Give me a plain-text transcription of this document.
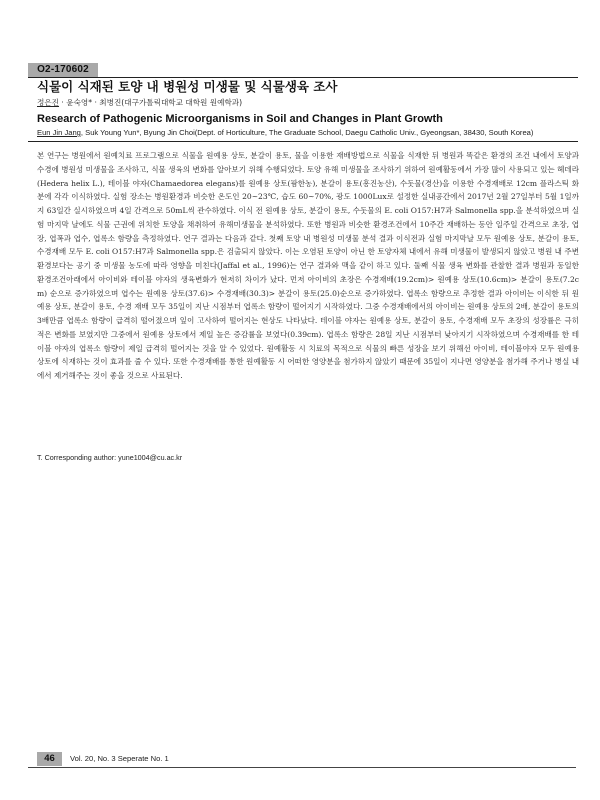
O2-170602
식물이 식재된 토양 내 병원성 미생물 및 식물생육 조사
정은진 · 윤숙영* · 최병진(대구가톨릭대학교 대학원 원예학과)
Research of Pathogenic Microorganisms in Soil and Changes in Plant Growth
Eun Jin Jang, Suk Young Yun*, Byung Jin Choi(Dept. of Horticulture, The Graduate School, Daegu Catholic Univ., Gyeongsan, 38430, South Korea)
본 연구는 병원에서 원예치료 프로그램으로 식물을 원예용 상토, 분갈이 용토, 물을 이용한 재배방법으로 식물을 식재한 뒤 병원과 똑같은 환경의 조건 내에서 토양과 수경에 병원성 미생물을 조사하고, 식물 생육의 변화를 알아보기 위해 수행되었다. 토양 유해 미생물을 조사하기 위하여 원예활동에서 가장 많이 사용되고 있는 헤데라(Hedera helix L.), 테이블 야자(Chamaedorea elegans)를 원예용 상토(팜한농), 분갈이 용토(흥진농산), 수돗물(경산)을 이용한 수경재배로 12cm 플라스틱 화분에 각각 이식하였다. 실험 장소는 병원환경과 비슷한 온도인 20~23℃, 습도 60~70%, 광도 1000Lux로 설정한 실내공간에서 2017년 2월 27일부터 5월 1일까지 63일간 실시하였으며 4일 간격으로 50mL씩 관수하였다. 이식 전 원예용 상토, 분갈이 용토, 수돗물의 E. coli O157:H7과 Salmonella spp.을 분석하였으며 실험 마지막 날에도 식물 근권에 위치한 토양을 채취하여 유해미생물을 분석하였다. 또한 병원과 비슷한 환경조건에서 10주간 재배하는 동안 일주일 간격으로 초장, 엽장, 엽폭과 엽수, 엽록소 함량을 측정하였다. 연구 결과는 다음과 같다. 첫째 토양 내 병원성 미생물 분석 결과 이식전과 실험 마지막날 모두 원예용 상토, 분갈이 용토, 수경재배 모두 E. coli O157:H7과 Salmonella spp.은 검출되지 않았다. 이는 오염된 토양이 아닌 한 토양자체 내에서 유해 미생물이 발생되지 않았고 병원 내 주변 환경보다는 공기 중 미생물 농도에 따라 영향을 미친다(Jaffal et al., 1996)는 연구 결과와 맥을 같이 하고 있다. 둘째 식물 생육 변화를 관찰한 결과 병원과 동일한 환경조건아래에서 아이비와 테이블 야자의 생육변화가 현저히 차이가 났다. 먼저 아이비의 초장은 수경재배(19.2cm)> 원예용 상토(10.6cm)> 분갈이 용토(7.2cm) 순으로 증가하였으며 엽수는 원예용 상토(37.6)> 수경재배(30.3)> 분갈이 용토(25.0)순으로 증가하였다. 엽록소 함량으로 추정한 결과 아이비는 이식한 뒤 원예용 상토, 분갈이 용토, 수경 재배 모두 35일이 지난 시점부터 엽록소 함량이 떨어지기 시작하였다. 그중 수경재배에서의 아이비는 원예용 상토의 2배, 분갈이 용토의 3배만큼 엽록소 함량이 급격히 떨어졌으며 잎이 고사하여 떨어지는 현상도 나타났다. 테이블 야자는 원예용 상토, 분갈이 용토, 수경재배 모두 초장의 성장률은 극히 적은 변화를 보였지만 그중에서 원예용 상토에서 제일 높은 증감률을 보였다(0.39cm). 엽록소 함량은 28일 지난 시점부터 낮아지기 시작하였으며 수경재배를 한 테이블 야자의 엽록소 함량이 제일 급격히 떨어지는 것을 알 수 있었다. 원예활동 시 치료의 목적으로 식물의 빠른 성장을 보기 위해선 아이비, 테이블야자 모두 원예용 상토에 식재하는 것이 효과를 줄 수 있다. 또한 수경재배를 통한 원예활동 시 어떠한 영양분을 첨가하지 않았기 때문에 35일이 지나면 영양분을 첨가해 주거나 병실 내에서 제거해주는 것이 좋을 것으로 사료된다.
T. Corresponding author: yune1004@cu.ac.kr
46	Vol. 20, No. 3 Seperate No. 1
